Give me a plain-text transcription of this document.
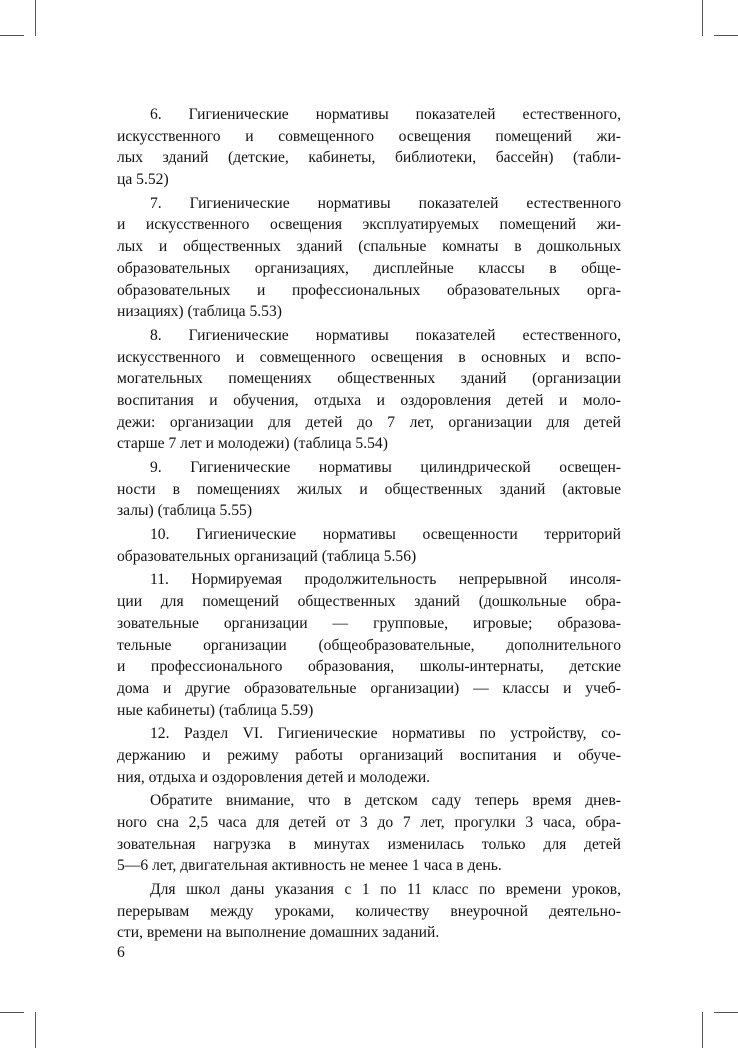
6. Гигиенические нормативы показателей естественного,
искусственного и совмещенного освещения помещений жи-
лых зданий (детские, кабинеты, библиотеки, бассейн) (табли-
ца 5.52)

7. Гигиенические нормативы показателей естественного
и искусственного освещения эксплуатируемых помещений жи-
лых и общественных зданий (спальные комнаты в дошкольных
образовательных организациях, дисплейные классы в обще-
образовательных и профессиональных образовательных орга-
низациях) (таблица 5.53)

8. Гигиенические нормативы показателей естественного,
искусственного и совмещенного освещения в основных и вспо-
могательных помещениях общественных зданий (организации
воспитания и обучения, отдыха и оздоровления детей и моло-
дежи: организации для детей до 7 лет, организации для детей
старше 7 лет и молодежи) (таблица 5.54)

9. Гигиенические нормативы цилиндрической освещен-
ности в помещениях жилых и общественных зданий (актовые
залы) (таблица 5.55)

10. Гигиенические нормативы освещенности территорий
образовательных организаций (таблица 5.56)

11. Нормируемая продолжительность непрерывной инсоля-
ции для помещений общественных зданий (дошкольные обра-
зовательные организации — групповые, игровые; образова-
тельные организации (общеобразовательные, дополнительного
и профессионального образования, школы-интернаты, детские
дома и другие образовательные организации) — классы и учеб-
ные кабинеты) (таблица 5.59)

12. Раздел VI. Гигиенические нормативы по устройству, со-
держанию и режиму работы организаций воспитания и обуче-
ния, отдыха и оздоровления детей и молодежи.

Обратите внимание, что в детском саду теперь время днев-
ного сна 2,5 часа для детей от 3 до 7 лет, прогулки 3 часа, обра-
зовательная нагрузка в минутах изменилась только для детей
5—6 лет, двигательная активность не менее 1 часа в день.

Для школ даны указания с 1 по 11 класс по времени уроков,
перерывам между уроками, количеству внеурочной деятельно-
сти, времени на выполнение домашних заданий.

6
